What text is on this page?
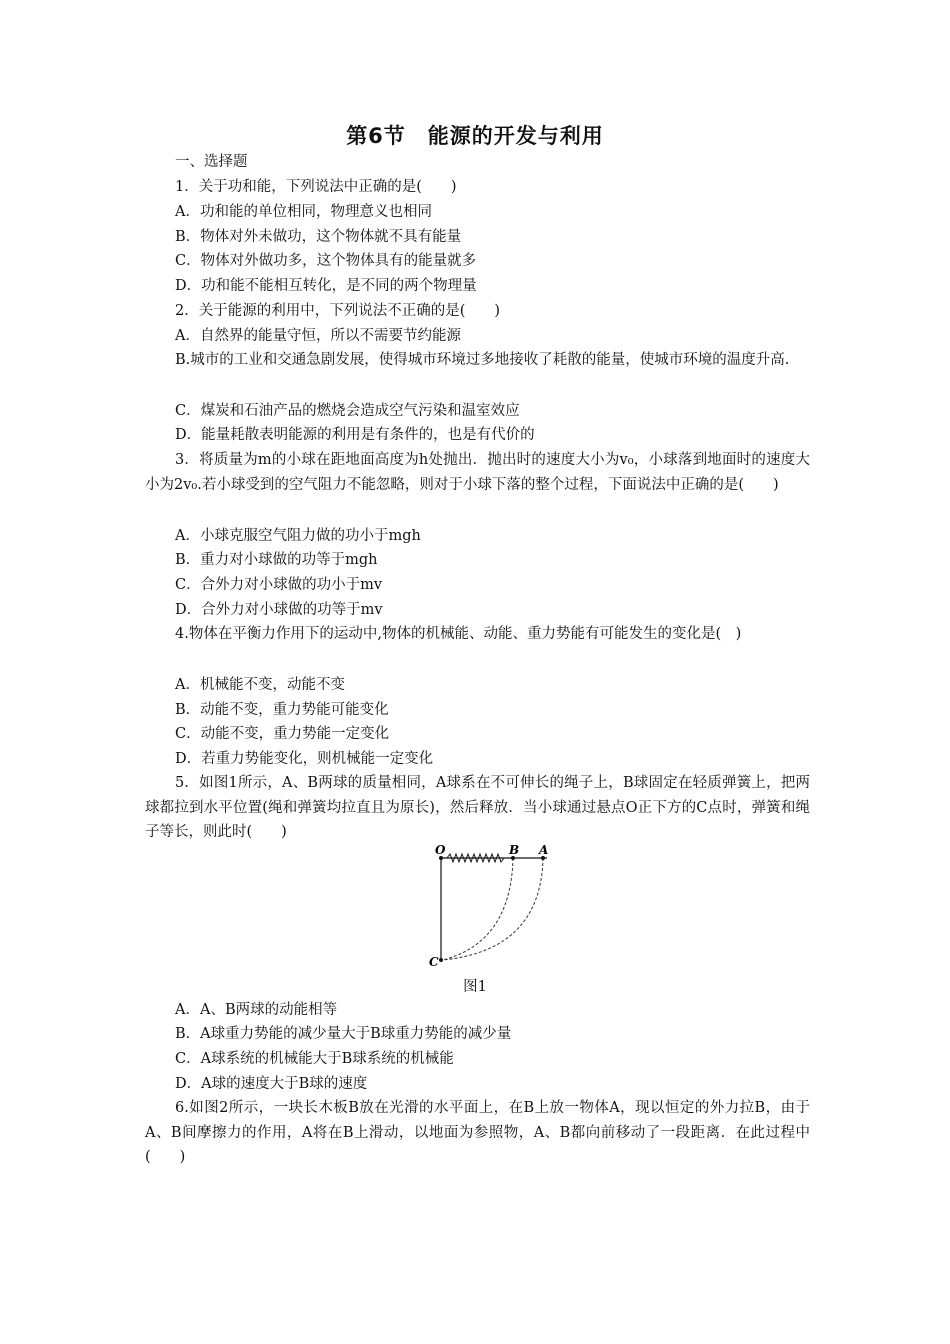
第6节　能源的开发与利用
一、选择题
1．关于功和能，下列说法中正确的是(　　)
A．功和能的单位相同，物理意义也相同
B．物体对外未做功，这个物体就不具有能量
C．物体对外做功多，这个物体具有的能量就多
D．功和能不能相互转化，是不同的两个物理量
2．关于能源的利用中，下列说法不正确的是(　　)
A．自然界的能量守恒，所以不需要节约能源
B.城市的工业和交通急剧发展，使得城市环境过多地接收了耗散的能量，使城市环境的温度升高.
C．煤炭和石油产品的燃烧会造成空气污染和温室效应
D．能量耗散表明能源的利用是有条件的，也是有代价的
3．将质量为m的小球在距地面高度为h处抛出．抛出时的速度大小为v₀，小球落到地面时的速度大小为2v₀.若小球受到的空气阻力不能忽略，则对于小球下落的整个过程，下面说法中正确的是(　　)
A．小球克服空气阻力做的功小于mgh
B．重力对小球做的功等于mgh
C．合外力对小球做的功小于mv
D．合外力对小球做的功等于mv
4.物体在平衡力作用下的运动中,物体的机械能、动能、重力势能有可能发生的变化是(　)
A．机械能不变，动能不变
B．动能不变，重力势能可能变化
C．动能不变，重力势能一定变化
D．若重力势能变化，则机械能一定变化
5．如图1所示，A、B两球的质量相同，A球系在不可伸长的绳子上，B球固定在轻质弹簧上，把两球都拉到水平位置(绳和弹簧均拉直且为原长)，然后释放．当小球通过悬点O正下方的C点时，弹簧和绳子等长，则此时(　　)
O	B A
C
图1
A．A、B两球的动能相等
B．A球重力势能的减少量大于B球重力势能的减少量
C．A球系统的机械能大于B球系统的机械能
D．A球的速度大于B球的速度
6.如图2所示，一块长木板B放在光滑的水平面上，在B上放一物体A，现以恒定的外力拉B，由于A、B间摩擦力的作用，A将在B上滑动，以地面为参照物，A、B都向前移动了一段距离．在此过程中(　　)
